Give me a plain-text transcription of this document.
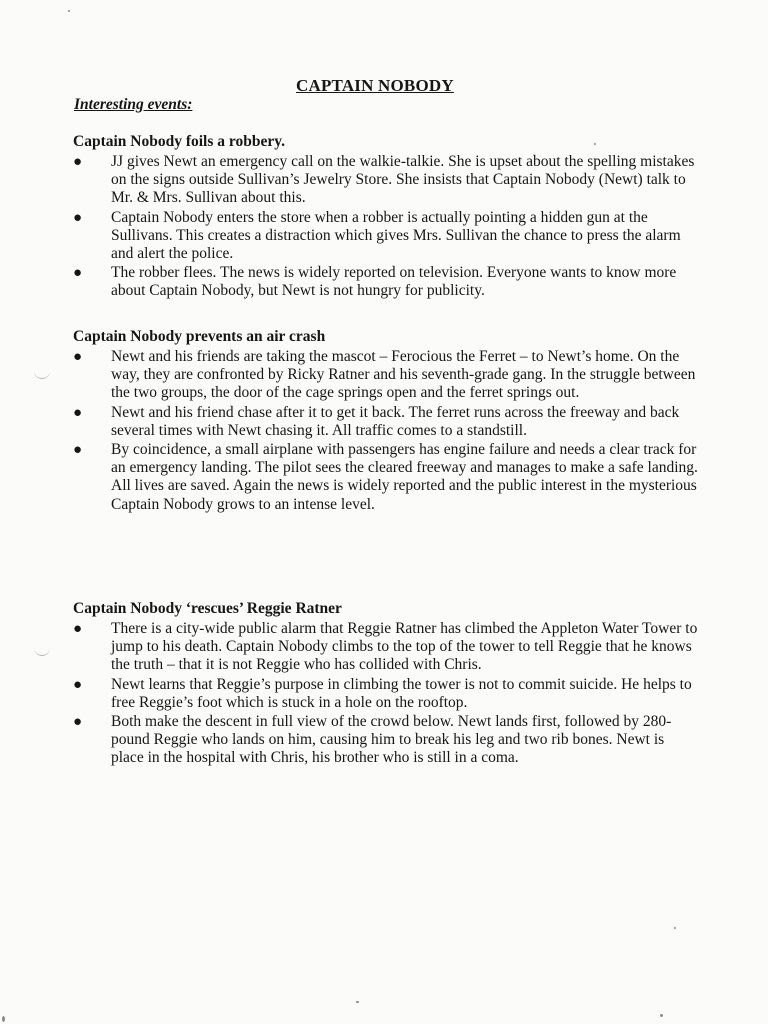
CAPTAIN NOBODY
Interesting events:
Captain Nobody foils a robbery.
● JJ gives Newt an emergency call on the walkie-talkie. She is upset about the spelling mistakes on the signs outside Sullivan’s Jewelry Store. She insists that Captain Nobody (Newt) talk to Mr. & Mrs. Sullivan about this.
● Captain Nobody enters the store when a robber is actually pointing a hidden gun at the Sullivans. This creates a distraction which gives Mrs. Sullivan the chance to press the alarm and alert the police.
● The robber flees. The news is widely reported on television. Everyone wants to know more about Captain Nobody, but Newt is not hungry for publicity.
Captain Nobody prevents an air crash
● Newt and his friends are taking the mascot – Ferocious the Ferret – to Newt’s home. On the way, they are confronted by Ricky Ratner and his seventh-grade gang. In the struggle between the two groups, the door of the cage springs open and the ferret springs out.
● Newt and his friend chase after it to get it back. The ferret runs across the freeway and back several times with Newt chasing it. All traffic comes to a standstill.
● By coincidence, a small airplane with passengers has engine failure and needs a clear track for an emergency landing. The pilot sees the cleared freeway and manages to make a safe landing. All lives are saved. Again the news is widely reported and the public interest in the mysterious Captain Nobody grows to an intense level.
Captain Nobody ‘rescues’ Reggie Ratner
● There is a city-wide public alarm that Reggie Ratner has climbed the Appleton Water Tower to jump to his death. Captain Nobody climbs to the top of the tower to tell Reggie that he knows the truth – that it is not Reggie who has collided with Chris.
● Newt learns that Reggie’s purpose in climbing the tower is not to commit suicide. He helps to free Reggie’s foot which is stuck in a hole on the rooftop.
● Both make the descent in full view of the crowd below. Newt lands first, followed by 280-pound Reggie who lands on him, causing him to break his leg and two rib bones. Newt is place in the hospital with Chris, his brother who is still in a coma.
